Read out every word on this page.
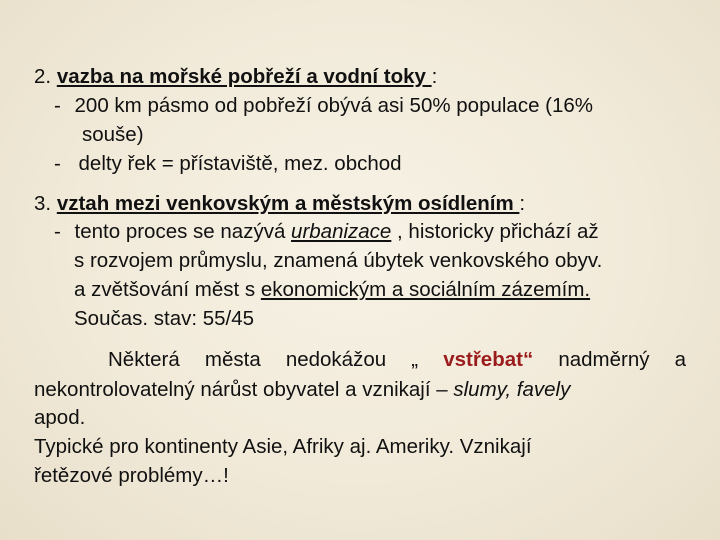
2. vazba na mořské pobřeží a vodní toky :
- 200 km pásmo od pobřeží obývá asi 50% populace (16%
souše)
- delty řek = přístaviště, mez. obchod
3. vztah mezi venkovským a městským osídlením :
- tento proces se nazývá urbanizace , historicky přichází až
s rozvojem průmyslu, znamená úbytek venkovského obyv.
a zvětšování měst s ekonomickým a sociálním zázemím.
Součas. stav: 55/45
Některá města nedokážou „ vstřebat“ nadměrný a
nekontrolovatelný nárůst obyvatel a vznikají – slumy, favely
apod.
Typické pro kontinenty Asie, Afriky aj. Ameriky. Vznikají
řetězové problémy…!
